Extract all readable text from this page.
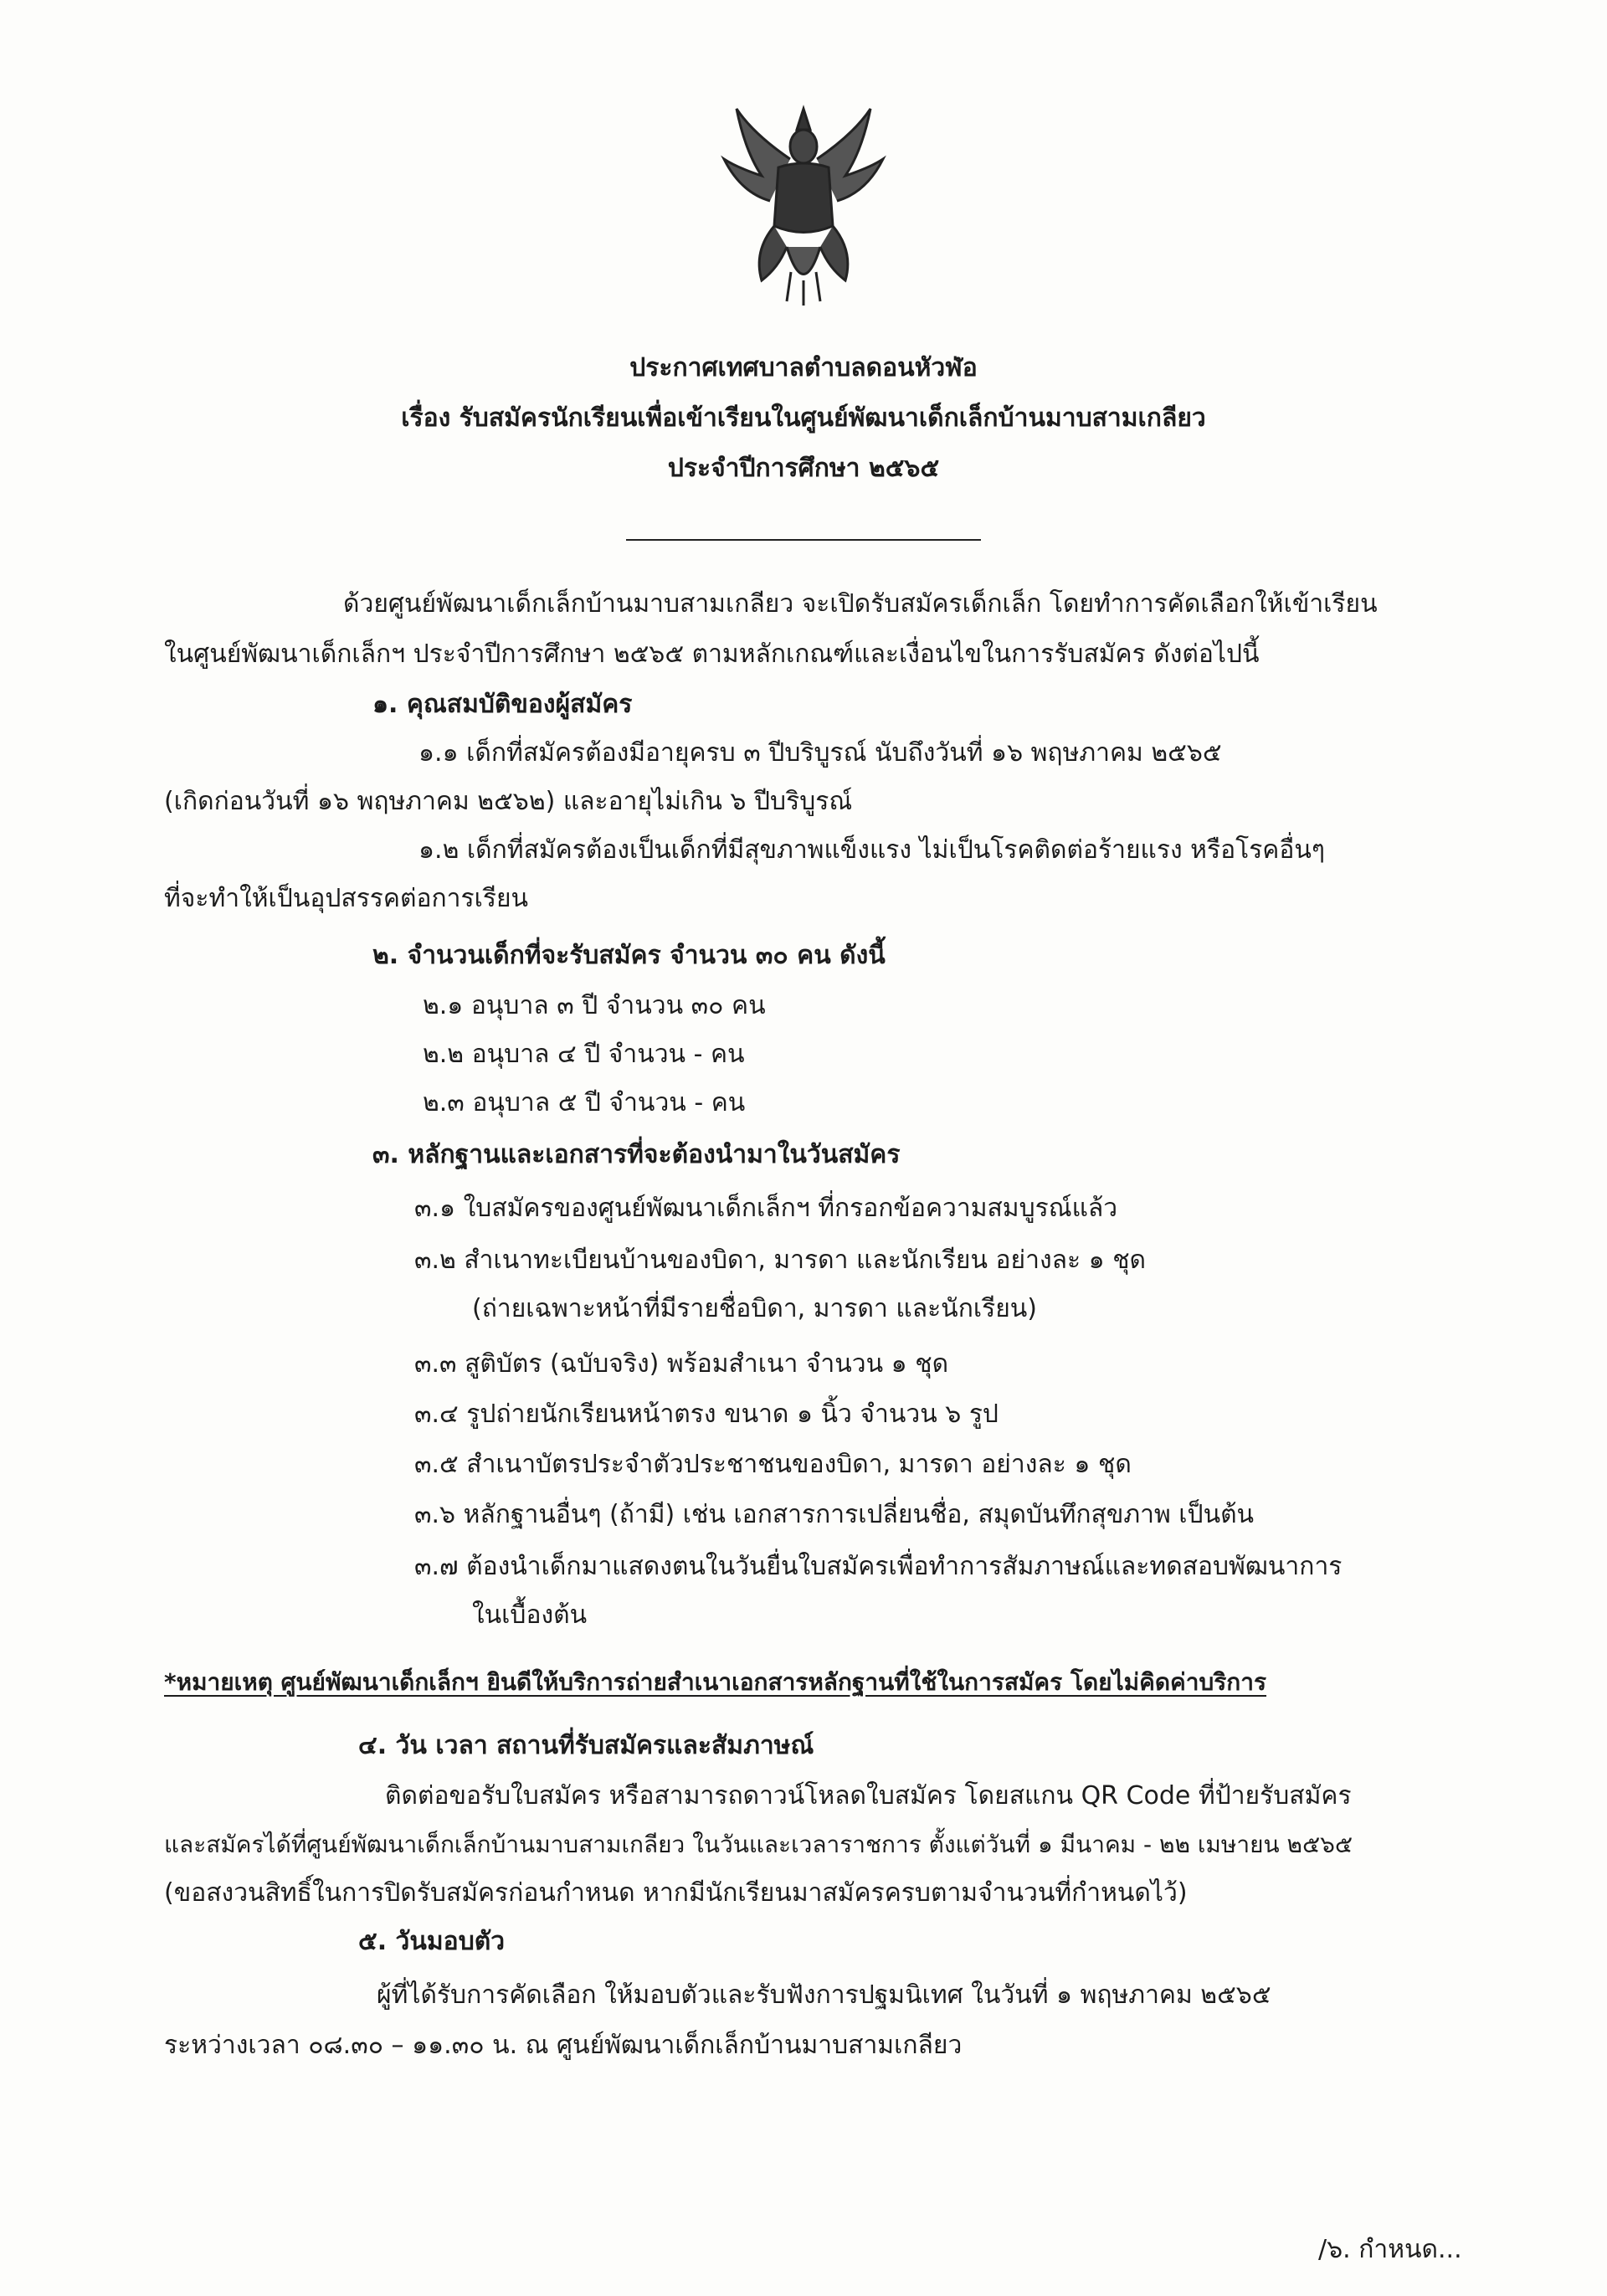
ประกาศเทศบาลตำบลดอนหัวฬ่อ
เรื่อง รับสมัครนักเรียนเพื่อเข้าเรียนในศูนย์พัฒนาเด็กเล็กบ้านมาบสามเกลียว
ประจำปีการศึกษา ๒๕๖๕
ด้วยศูนย์พัฒนาเด็กเล็กบ้านมาบสามเกลียว จะเปิดรับสมัครเด็กเล็ก โดยทำการคัดเลือกให้เข้าเรียน
ในศูนย์พัฒนาเด็กเล็กฯ ประจำปีการศึกษา ๒๕๖๕ ตามหลักเกณฑ์และเงื่อนไขในการรับสมัคร ดังต่อไปนี้
๑. คุณสมบัติของผู้สมัคร
๑.๑ เด็กที่สมัครต้องมีอายุครบ ๓ ปีบริบูรณ์ นับถึงวันที่ ๑๖ พฤษภาคม ๒๕๖๕
(เกิดก่อนวันที่ ๑๖ พฤษภาคม ๒๕๖๒) และอายุไม่เกิน ๖ ปีบริบูรณ์
๑.๒ เด็กที่สมัครต้องเป็นเด็กที่มีสุขภาพแข็งแรง ไม่เป็นโรคติดต่อร้ายแรง หรือโรคอื่นๆ
ที่จะทำให้เป็นอุปสรรคต่อการเรียน
๒. จำนวนเด็กที่จะรับสมัคร จำนวน ๓๐ คน ดังนี้
๒.๑ อนุบาล ๓ ปี จำนวน ๓๐ คน
๒.๒ อนุบาล ๔ ปี จำนวน - คน
๒.๓ อนุบาล ๕ ปี จำนวน - คน
๓. หลักฐานและเอกสารที่จะต้องนำมาในวันสมัคร
๓.๑ ใบสมัครของศูนย์พัฒนาเด็กเล็กฯ ที่กรอกข้อความสมบูรณ์แล้ว
๓.๒ สำเนาทะเบียนบ้านของบิดา, มารดา และนักเรียน อย่างละ ๑ ชุด
(ถ่ายเฉพาะหน้าที่มีรายชื่อบิดา, มารดา และนักเรียน)
๓.๓ สูติบัตร (ฉบับจริง) พร้อมสำเนา จำนวน ๑ ชุด
๓.๔ รูปถ่ายนักเรียนหน้าตรง ขนาด ๑ นิ้ว จำนวน ๖ รูป
๓.๕ สำเนาบัตรประจำตัวประชาชนของบิดา, มารดา อย่างละ ๑ ชุด
๓.๖ หลักฐานอื่นๆ (ถ้ามี) เช่น เอกสารการเปลี่ยนชื่อ, สมุดบันทึกสุขภาพ เป็นต้น
๓.๗ ต้องนำเด็กมาแสดงตนในวันยื่นใบสมัครเพื่อทำการสัมภาษณ์และทดสอบพัฒนาการ
ในเบื้องต้น
*หมายเหตุ ศูนย์พัฒนาเด็กเล็กฯ ยินดีให้บริการถ่ายสำเนาเอกสารหลักฐานที่ใช้ในการสมัคร โดยไม่คิดค่าบริการ
๔. วัน เวลา สถานที่รับสมัครและสัมภาษณ์
ติดต่อขอรับใบสมัคร หรือสามารถดาวน์โหลดใบสมัคร โดยสแกน QR Code ที่ป้ายรับสมัคร
และสมัครได้ที่ศูนย์พัฒนาเด็กเล็กบ้านมาบสามเกลียว ในวันและเวลาราชการ ตั้งแต่วันที่ ๑ มีนาคม - ๒๒ เมษายน ๒๕๖๕
(ขอสงวนสิทธิ์ในการปิดรับสมัครก่อนกำหนด หากมีนักเรียนมาสมัครครบตามจำนวนที่กำหนดไว้)
๕. วันมอบตัว
ผู้ที่ได้รับการคัดเลือก ให้มอบตัวและรับฟังการปฐมนิเทศ ในวันที่ ๑ พฤษภาคม ๒๕๖๕
ระหว่างเวลา ๐๘.๓๐ – ๑๑.๓๐ น. ณ ศูนย์พัฒนาเด็กเล็กบ้านมาบสามเกลียว
/๖. กำหนด...
